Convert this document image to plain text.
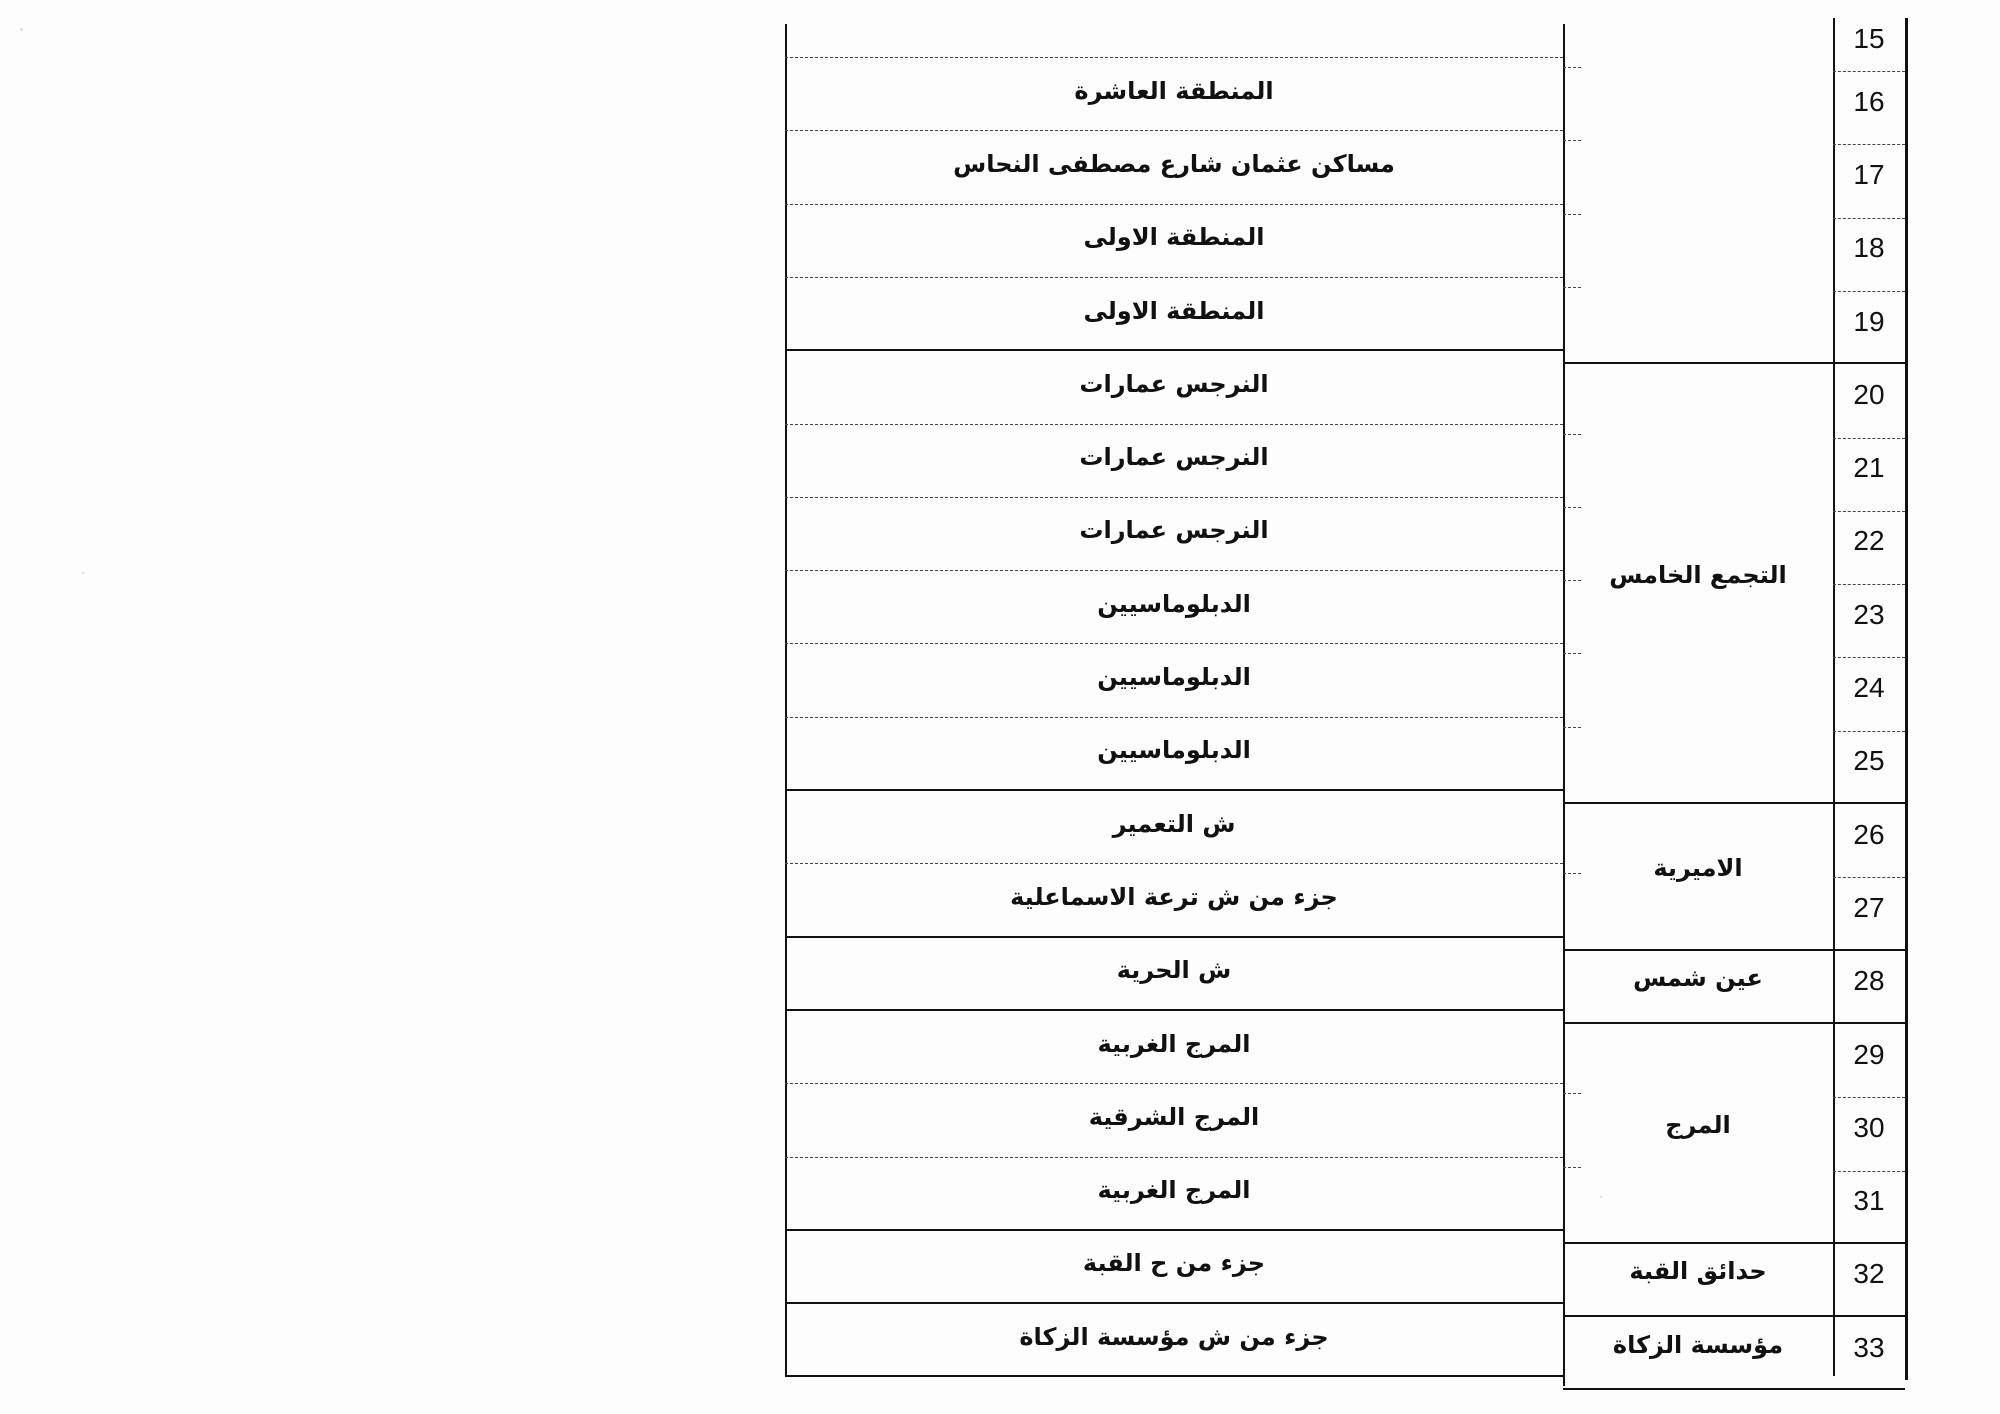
15
16
المنطقة العاشرة
17
مساكن عثمان شارع مصطفى النحاس
18
المنطقة الاولى
19
المنطقة الاولى
20
النرجس عمارات
21
النرجس عمارات
22
النرجس عمارات
23
الدبلوماسيين
24
الدبلوماسيين
25
الدبلوماسيين
26
ش التعمير
27
جزء من ش ترعة الاسماعلية
28
ش الحرية
29
المرج الغربية
30
المرج الشرقية
31
المرج الغربية
32
جزء من ح القبة
33
جزء من ش مؤسسة الزكاة
التجمع الخامس
الاميرية
عين شمس
المرج
حدائق القبة
مؤسسة الزكاة
